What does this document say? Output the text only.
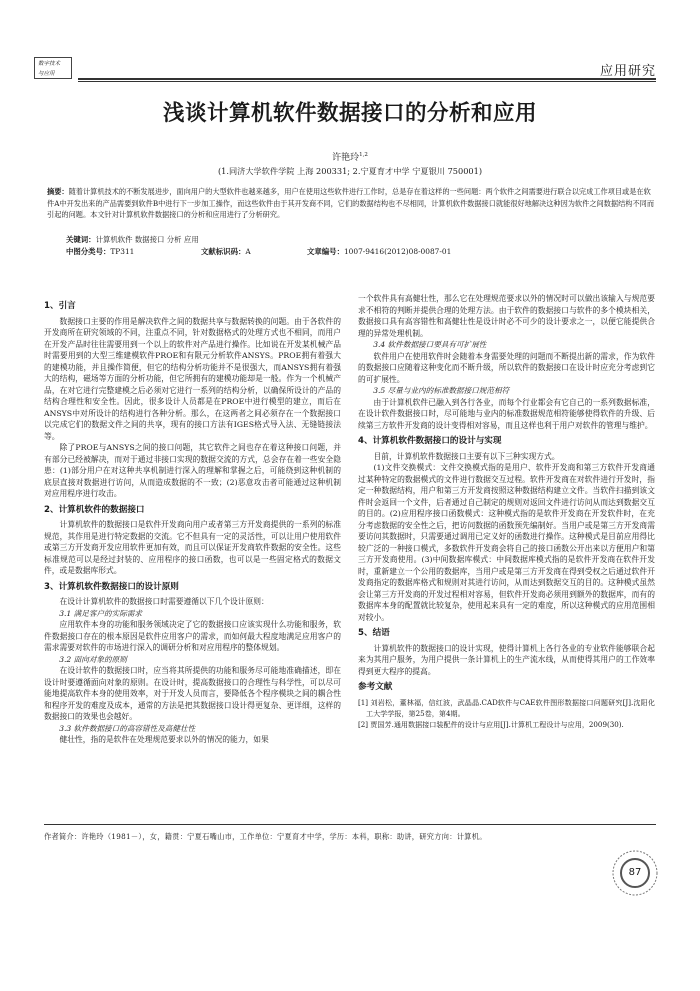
数字技术
与应用	应用研究
浅谈计算机软件数据接口的分析和应用
许艳玲$^{1,2}$
(1.同济大学软件学院 上海 200331; 2.宁夏育才中学 宁夏银川 750001)
摘要：随着计算机技术的不断发展进步，面向用户的大型软件也越来越多，用户在使用这些软件进行工作时，总是存在着这样的一些问题：两个软件之间需要进行联合以完成工作项目或是在软件A中开发出来的产品需要到软件B中进行下一步加工操作，而这些软件由于其开发商不同，它们的数据结构也不尽相同，计算机软件数据接口就能很好地解决这种因为软件之间数据结构不同而引起的问题。本文针对计算机软件数据接口的分析和应用进行了分析研究。
关键词： 计算机软件 数据接口 分析 应用
中图分类号：TP311	文献标识码：A	文章编号：1007-9416(2012)08-0087-01
1、引言

数据接口主要的作用是解决软件之间的数据共享与数据转换的问题。由于各软件的开发商所在研究领域的不同，注重点不同，针对数据格式的处理方式也不相同，而用户在开发产品时往往需要用到一个以上的软件对产品进行操作。比如说在开发某机械产品时需要用到的大型三维建模软件PROE和有限元分析软件ANSYS。PROE拥有着强大的建模功能，并且操作简便，但它的结构分析功能并不是很强大，而ANSYS拥有着强大的结构，磁场等方面的分析功能，但它所拥有的建模功能却是一般。作为一个机械产品，在对它进行完整建模之后必须对它进行一系列的结构分析，以确保所设计的产品的结构合理性和安全性。因此，很多设计人员都是在PROE中进行模型的建立，而后在ANSYS中对所设计的结构进行各种分析。那么，在这两者之间必须存在一个数据接口以完成它们的数据文件之间的共享，现有的接口方法有IGES格式导入法、无缝链接法等。

除了PROE与ANSYS之间的接口问题，其它软件之间也存在着这种接口问题，并有部分已经被解决，而对于通过非接口实现的数据交流的方式，总会存在着一些安全隐患：(1)部分用户在对这种共享机制进行深入的理解和掌握之后，可能绕到这种机制的底层直接对数据进行访问，从而造成数据的不一致；(2)恶意攻击者可能通过这种机制对应用程序进行攻击。

2、计算机软件的数据接口

计算机软件的数据接口是软件开发商向用户或者第三方开发商提供的一系列的标准规范，其作用是进行特定数据的交流。它不但具有一定的灵活性，可以让用户使用软件或第三方开发商开发应用软件更加有效，而且可以保证开发商软件数据的安全性。这些标准规范可以是经过封装的、应用程序的接口函数，也可以是一些固定格式的数据文件，或是数据库形式。

3、计算机软件数据接口的设计原则

在设计计算机软件的数据接口时需要遵循以下几个设计原则：

3.1 满足客户的实际需求

应用软件本身的功能和服务领域决定了它的数据接口应该实现什么功能和服务，软件数据接口存在的根本原因是软件应用客户的需求，而如何最大程度地满足应用客户的需求需要对软件的市场进行深入的调研分析和对应用程序的整体规划。

3.2 面向对象的原则

在设计软件的数据接口时，应当将其所提供的功能和服务尽可能地准确描述，即在设计时要遵循面向对象的原则。在设计时，提高数据接口的合理性与科学性，可以尽可能地提高软件本身的使用效率，对于开发人员而言，要降低各个程序模块之间的耦合性和程序开发的难度及成本，通常的方法是把其数据接口设计得更复杂、更详细，这样的数据接口的效果也会越好。

3.3 软件数据接口的高容错性及高健壮性

健壮性，指的是软件在处理规范要求以外的情况的能力，如果

一个软件具有高健壮性，那么它在处理规范要求以外的情况时可以做出该输入与规范要求不相符的判断并提供合理的处理方法。由于软件的数据接口与软件的多个模块相关，数据接口具有高容错性和高健壮性是设计时必不可少的设计要求之一，以便它能提供合理的异常处理机制。

3.4 软件数据接口要具有可扩展性

软件用户在使用软件时会随着本身需要处理的问题而不断提出新的需求，作为软件的数据接口应随着这种变化而不断升级，所以软件的数据接口在设计时应充分考虑到它的可扩展性。

3.5 尽量与业内的标准数据接口规范相符

由于计算机软件已融入到各行各业，而每个行业都会有它自己的一系列数据标准，在设计软件数据接口时，尽可能地与业内的标准数据规范相符能够使得软件的升级、后续第三方软件开发商的设计变得相对容易，而且这样也利于用户对软件的管理与维护。

4、计算机软件数据接口的设计与实现

目前，计算机软件数据接口主要有以下三种实现方式。

(1)文件交换模式：文件交换模式指的是用户、软件开发商和第三方软件开发商通过某种特定的数据模式的文件进行数据交互过程。软件开发商在对软件进行开发时，指定一种数据结构，用户和第三方开发商按照这种数据结构建立文件。当软件扫描到该文件时会返回一个文件，后者通过自己制定的规则对返回文件进行访问从而达到数据交互的目的。(2)应用程序接口函数模式：这种模式指的是软件开发商在开发软件时，在充分考虑数据的安全性之后，把访问数据的函数预先编制好。当用户或是第三方开发商需要访问其数据时，只需要通过调用已定义好的函数进行操作。这种模式是目前应用得比较广泛的一种接口模式，多数软件开发商会将自己的接口函数公开出来以方便用户和第三方开发商使用。(3)中间数据库模式：中间数据库模式指的是软件开发商在软件开发时，重新建立一个公用的数据库，当用户或是第三方开发商在得到受权之后通过软件开发商指定的数据库格式和规则对其进行访问，从而达到数据交互的目的。这种模式虽然会让第三方开发商的开发过程相对容易，但软件开发商必须用到额外的数据库，而有的数据库本身的配置就比较复杂，使用起来具有一定的难度，所以这种模式的应用范围相对较小。

5、结语

计算机软件的数据接口的设计实现，使得计算机上各行各业的专业软件能够联合起来为其用户服务，为用户提供一条计算机上的生产流水线，从而使得其用户的工作效率得到更大程序的提高。

参考文献
[1] 刘岩松，董林福，信红波，武晶晶.CAD软件与CAE软件图形数据接口问题研究[J].沈阳化工大学学报，第25卷，第4期。
[2] 贾国芳.通用数据接口装配件的设计与应用[J].计算机工程设计与应用，2009(30).
作者简介：许艳玲（1981－），女，籍贯：宁夏石嘴山市，工作单位：宁夏育才中学，学历：本科，职称：助讲，研究方向：计算机。
87
